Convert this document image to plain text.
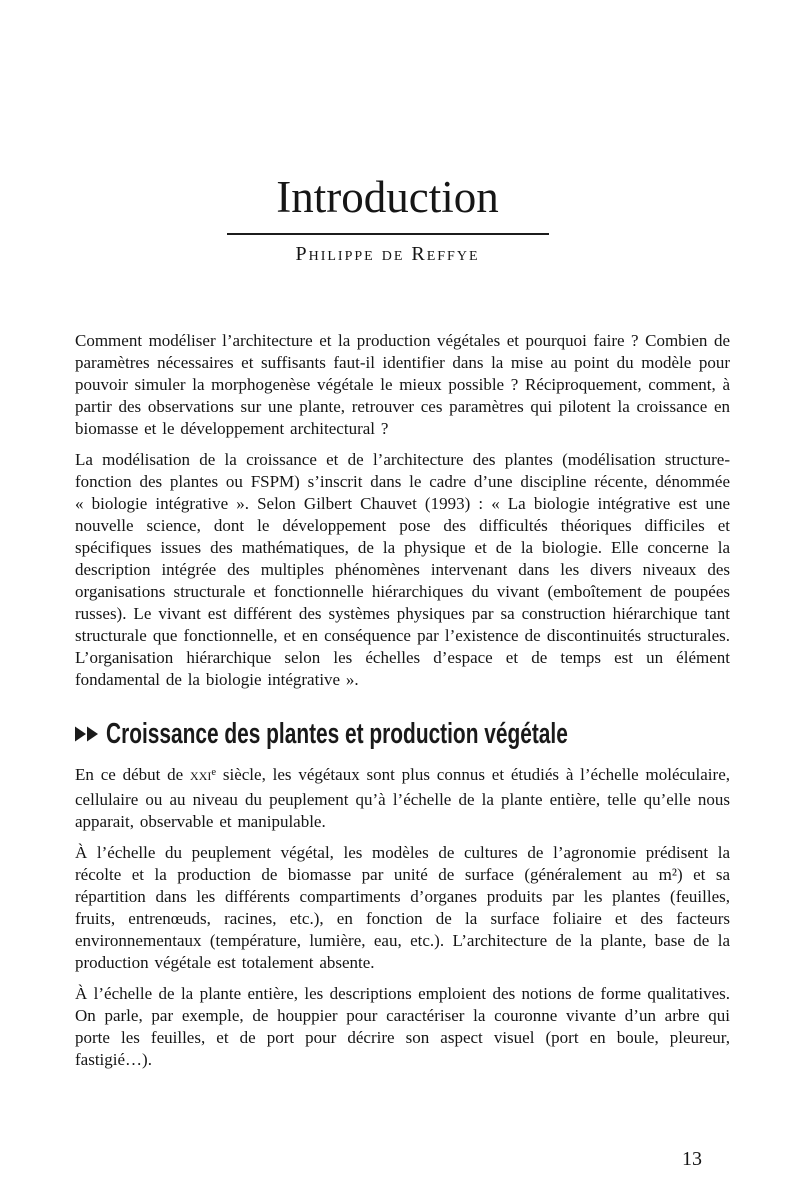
Introduction
Philippe de Reffye

Comment modéliser l’architecture et la production végétales et pourquoi faire ? Combien de paramètres nécessaires et suffisants faut-il identifier dans la mise au point du modèle pour pouvoir simuler la morphogenèse végétale le mieux possible ? Réciproquement, comment, à partir des observations sur une plante, retrouver ces paramètres qui pilotent la croissance en biomasse et le développement architectural ?

La modélisation de la croissance et de l’architecture des plantes (modélisation structure-fonction des plantes ou FSPM) s’inscrit dans le cadre d’une discipline récente, dénommée « biologie intégrative ». Selon Gilbert Chauvet (1993) : « La biologie intégrative est une nouvelle science, dont le développement pose des difficultés théoriques difficiles et spécifiques issues des mathématiques, de la physique et de la biologie. Elle concerne la description intégrée des multiples phénomènes intervenant dans les divers niveaux des organisations structurale et fonctionnelle hiérarchiques du vivant (emboîtement de poupées russes). Le vivant est différent des systèmes physiques par sa construction hiérarchique tant structurale que fonctionnelle, et en conséquence par l’existence de discontinuités structurales. L’organisation hiérarchique selon les échelles d’espace et de temps est un élément fondamental de la biologie intégrative ».

Croissance des plantes et production végétale

En ce début de xxi$^e$ siècle, les végétaux sont plus connus et étudiés à l’échelle moléculaire, cellulaire ou au niveau du peuplement qu’à l’échelle de la plante entière, telle qu’elle nous apparait, observable et manipulable.

À l’échelle du peuplement végétal, les modèles de cultures de l’agronomie prédisent la récolte et la production de biomasse par unité de surface (généralement au m²) et sa répartition dans les différents compartiments d’organes produits par les plantes (feuilles, fruits, entrenœuds, racines, etc.), en fonction de la surface foliaire et des facteurs environnementaux (température, lumière, eau, etc.). L’architecture de la plante, base de la production végétale est totalement absente.

À l’échelle de la plante entière, les descriptions emploient des notions de forme qualitatives. On parle, par exemple, de houppier pour caractériser la couronne vivante d’un arbre qui porte les feuilles, et de port pour décrire son aspect visuel (port en boule, pleureur, fastigié…).

13
